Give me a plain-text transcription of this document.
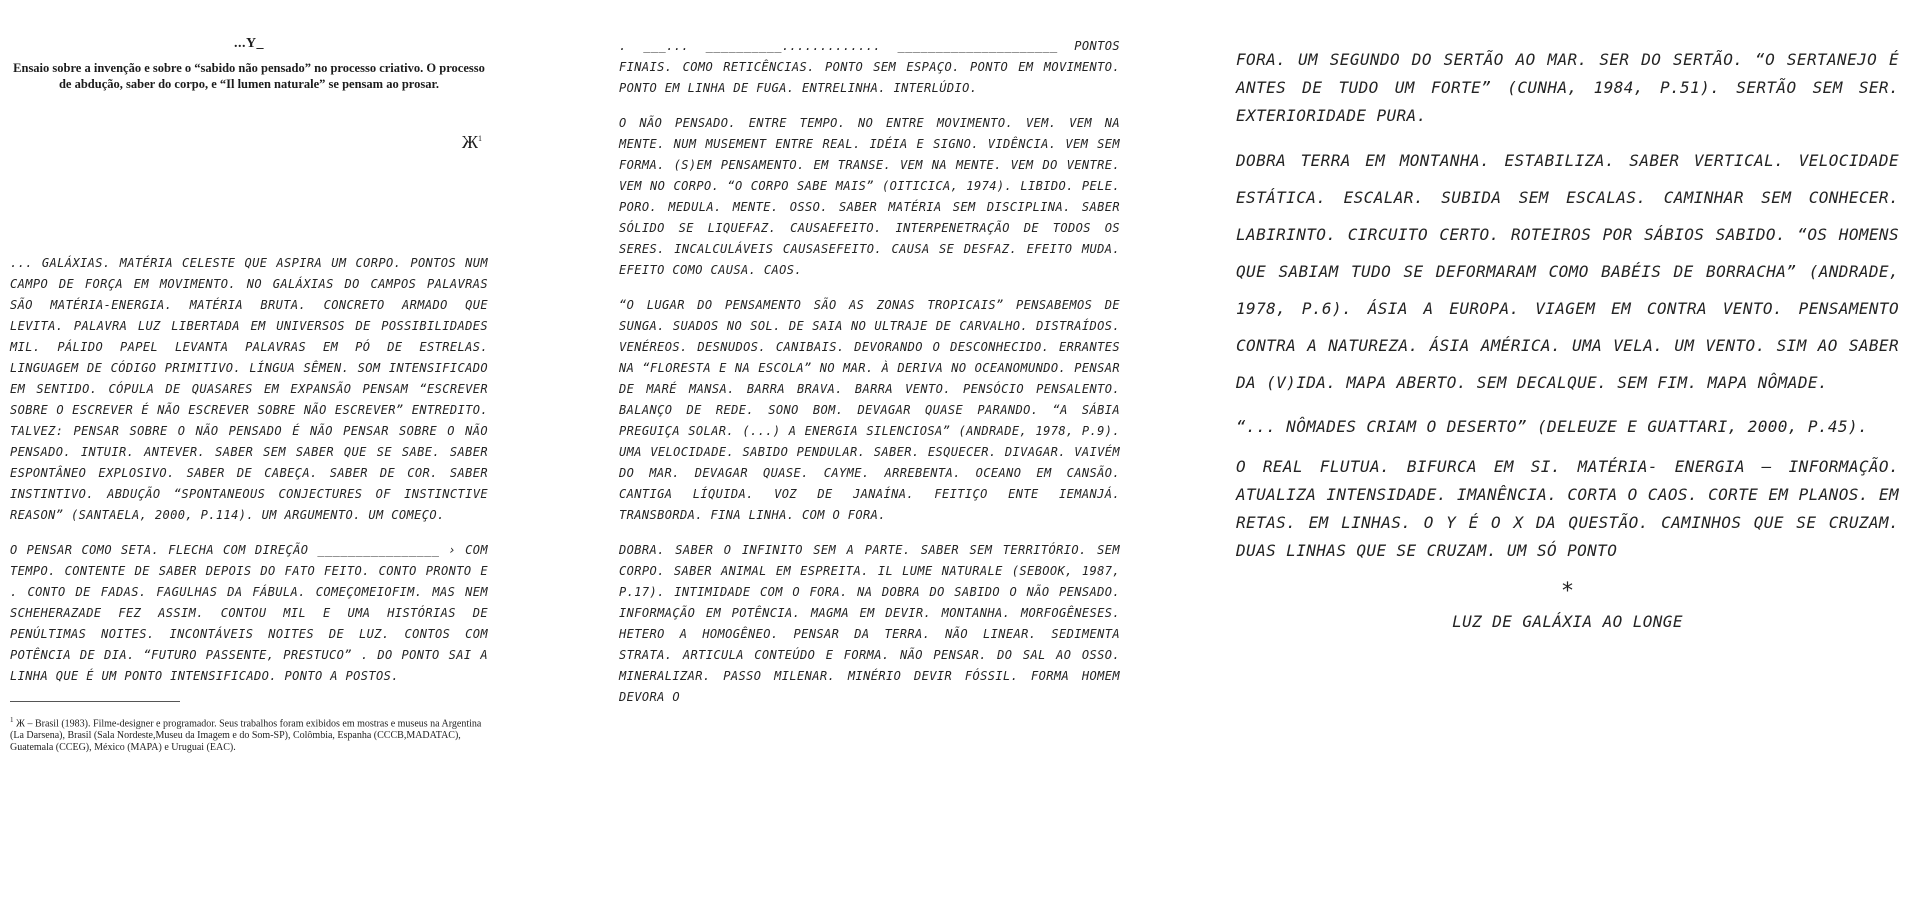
...Y_

Ensaio sobre a invenção e sobre o “sabido não pensado” no processo criativo. O processo de abdução, saber do corpo, e “Il lumen naturale” se pensam ao prosar.

$Ж^1$

... GALÁXIAS. MATÉRIA CELESTE QUE ASPIRA UM CORPO. PONTOS NUM CAMPO DE FORÇA EM MOVIMENTO. NO GALÁXIAS DO CAMPOS PALAVRAS SÃO MATÉRIA-ENERGIA. MATÉRIA BRUTA. CONCRETO ARMADO QUE LEVITA. PALAVRA LUZ LIBERTADA EM UNIVERSOS DE POSSIBILIDADES MIL. PÁLIDO PAPEL LEVANTA PALAVRAS EM PÓ DE ESTRELAS. LINGUAGEM DE CÓDIGO PRIMITIVO. LÍNGUA SÊMEN. SOM INTENSIFICADO EM SENTIDO. CÓPULA DE QUASARES EM EXPANSÃO PENSAM “ESCREVER SOBRE O ESCREVER É NÃO ESCREVER SOBRE NÃO ESCREVER” ENTREDITO. TALVEZ: PENSAR SOBRE O NÃO PENSADO É NÃO PENSAR SOBRE O NÃO PENSADO. INTUIR. ANTEVER. SABER SEM SABER QUE SE SABE. SABER ESPONTÂNEO EXPLOSIVO. SABER DE CABEÇA. SABER DE COR. SABER INSTINTIVO. ABDUÇÃO “SPONTANEOUS CONJECTURES OF INSTINCTIVE REASON” (SANTAELA, 2000, P.114). UM ARGUMENTO. UM COMEÇO.

O PENSAR COMO SETA. FLECHA COM DIREÇÃO ________________ › COM TEMPO. CONTENTE DE SABER DEPOIS DO FATO FEITO. CONTO PRONTO E . CONTO DE FADAS. FAGULHAS DA FÁBULA. COMEÇOMEIOFIM. MAS NEM SCHEHERAZADE FEZ ASSIM. CONTOU MIL E UMA HISTÓRIAS DE PENÚLTIMAS NOITES. INCONTÁVEIS NOITES DE LUZ. CONTOS COM POTÊNCIA DE DIA. “FUTURO PASSENTE, PRESTUCO” . DO PONTO SAI A LINHA QUE É UM PONTO INTENSIFICADO. PONTO A POSTOS.

$^1$ Ж – Brasil (1983). Filme-designer e programador. Seus trabalhos foram exibidos em mostras e museus na Argentina (La Darsena), Brasil (Sala Nordeste,Museu da Imagem e do Som-SP), Colômbia, Espanha (CCCB,MADATAC), Guatemala (CCEG), México (MAPA) e Uruguai (EAC).

. ___... __________............. _____________________ PONTOS FINAIS. COMO RETICÊNCIAS. PONTO SEM ESPAÇO. PONTO EM MOVIMENTO. PONTO EM LINHA DE FUGA. ENTRELINHA. INTERLÚDIO.

O NÃO PENSADO. ENTRE TEMPO. NO ENTRE MOVIMENTO. VEM. VEM NA MENTE. NUM MUSEMENT ENTRE REAL. IDÉIA E SIGNO. VIDÊNCIA. VEM SEM FORMA. (S)EM PENSAMENTO. EM TRANSE. VEM NA MENTE. VEM DO VENTRE. VEM NO CORPO. “O CORPO SABE MAIS” (OITICICA, 1974). LIBIDO. PELE. PORO. MEDULA. MENTE. OSSO. SABER MATÉRIA SEM DISCIPLINA. SABER SÓLIDO SE LIQUEFAZ. CAUSAEFEITO. INTERPENETRAÇÃO DE TODOS OS SERES. INCALCULÁVEIS CAUSASEFEITO. CAUSA SE DESFAZ. EFEITO MUDA. EFEITO COMO CAUSA. CAOS.

“O LUGAR DO PENSAMENTO SÃO AS ZONAS TROPICAIS” PENSABEMOS DE SUNGA. SUADOS NO SOL. DE SAIA NO ULTRAJE DE CARVALHO. DISTRAÍDOS. VENÉREOS. DESNUDOS. CANIBAIS. DEVORANDO O DESCONHECIDO. ERRANTES NA “FLORESTA E NA ESCOLA” NO MAR. À DERIVA NO OCEANOMUNDO. PENSAR DE MARÉ MANSA. BARRA BRAVA. BARRA VENTO. PENSÓCIO PENSALENTO. BALANÇO DE REDE. SONO BOM. DEVAGAR QUASE PARANDO. “A SÁBIA PREGUIÇA SOLAR. (...) A ENERGIA SILENCIOSA” (ANDRADE, 1978, P.9). UMA VELOCIDADE. SABIDO PENDULAR. SABER. ESQUECER. DIVAGAR. VAIVÉM DO MAR. DEVAGAR QUASE. CAYME. ARREBENTA. OCEANO EM CANSÃO. CANTIGA LÍQUIDA. VOZ DE JANAÍNA. FEITIÇO ENTE IEMANJÁ. TRANSBORDA. FINA LINHA. COM O FORA.

DOBRA. SABER O INFINITO SEM A PARTE. SABER SEM TERRITÓRIO. SEM CORPO. SABER ANIMAL EM ESPREITA. IL LUME NATURALE (SEBOOK, 1987, P.17). INTIMIDADE COM O FORA. NA DOBRA DO SABIDO O NÃO PENSADO. INFORMAÇÃO EM POTÊNCIA. MAGMA EM DEVIR. MONTANHA. MORFOGÊNESES. HETERO A HOMOGÊNEO. PENSAR DA TERRA. NÃO LINEAR. SEDIMENTA STRATA. ARTICULA CONTEÚDO E FORMA. NÃO PENSAR. DO SAL AO OSSO. MINERALIZAR. PASSO MILENAR. MINÉRIO DEVIR FÓSSIL. FORMA HOMEM DEVORA O

FORA. UM SEGUNDO DO SERTÃO AO MAR. SER DO SERTÃO. “O SERTANEJO É ANTES DE TUDO UM FORTE” (CUNHA, 1984, P.51). SERTÃO SEM SER. EXTERIORIDADE PURA.

DOBRA TERRA EM MONTANHA. ESTABILIZA. SABER VERTICAL. VELOCIDADE ESTÁTICA. ESCALAR. SUBIDA SEM ESCALAS. CAMINHAR SEM CONHECER. LABIRINTO. CIRCUITO CERTO. ROTEIROS POR SÁBIOS SABIDO. “OS HOMENS QUE SABIAM TUDO SE DEFORMARAM COMO BABÉIS DE BORRACHA” (ANDRADE, 1978, P.6). ÁSIA A EUROPA. VIAGEM EM CONTRA VENTO. PENSAMENTO CONTRA A NATUREZA. ÁSIA AMÉRICA. UMA VELA. UM VENTO. SIM AO SABER DA (V)IDA. MAPA ABERTO. SEM DECALQUE. SEM FIM. MAPA NÔMADE.

“... NÔMADES CRIAM O DESERTO” (DELEUZE E GUATTARI, 2000, P.45).

O REAL FLUTUA. BIFURCA EM SI. MATÉRIA- ENERGIA – INFORMAÇÃO. ATUALIZA INTENSIDADE. IMANÊNCIA. CORTA O CAOS. CORTE EM PLANOS. EM RETAS. EM LINHAS. O Y É O X DA QUESTÃO. CAMINHOS QUE SE CRUZAM. DUAS LINHAS QUE SE CRUZAM. UM SÓ PONTO

*

LUZ DE GALÁXIA AO LONGE
